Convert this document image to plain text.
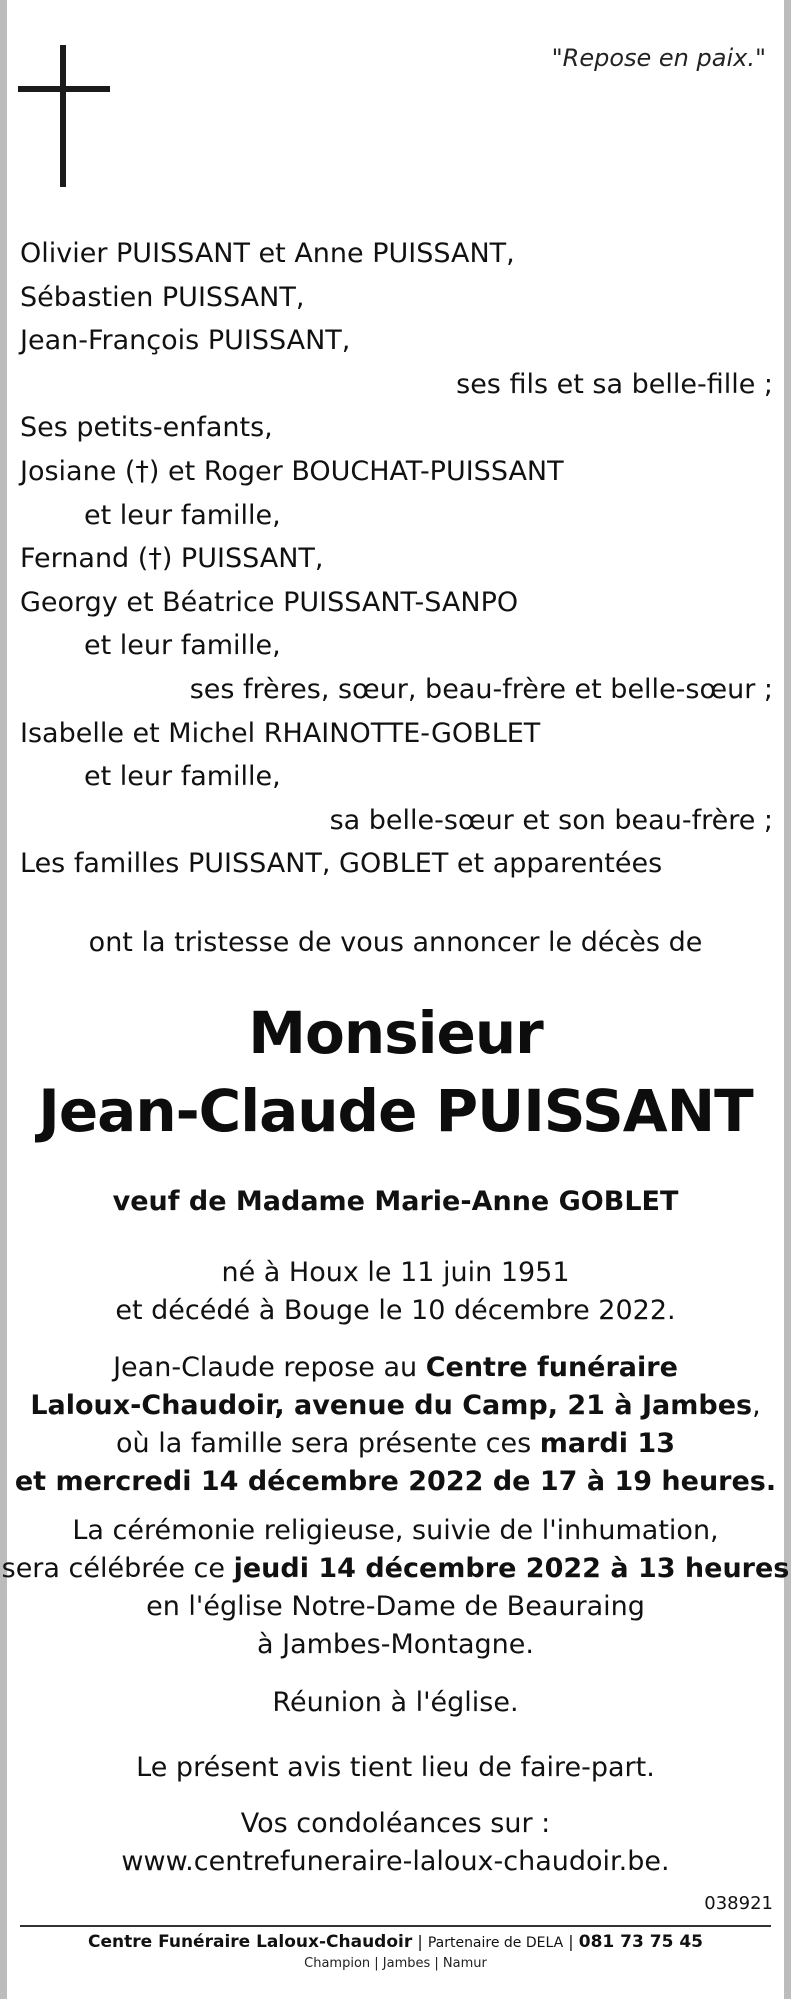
"Repose en paix."
Olivier PUISSANT et Anne PUISSANT,
Sébastien PUISSANT,
Jean-François PUISSANT,
ses fils et sa belle-fille ;
Ses petits-enfants,
Josiane (†) et Roger BOUCHAT-PUISSANT
et leur famille,
Fernand (†) PUISSANT,
Georgy et Béatrice PUISSANT-SANPO
et leur famille,
ses frères, sœur, beau-frère et belle-sœur ;
Isabelle et Michel RHAINOTTE-GOBLET
et leur famille,
sa belle-sœur et son beau-frère ;
Les familles PUISSANT, GOBLET et apparentées
ont la tristesse de vous annoncer le décès de
Monsieur
Jean-Claude PUISSANT
veuf de Madame Marie-Anne GOBLET
né à Houx le 11 juin 1951
et décédé à Bouge le 10 décembre 2022.
Jean-Claude repose au Centre funéraire
Laloux-Chaudoir, avenue du Camp, 21 à Jambes,
où la famille sera présente ces mardi 13
et mercredi 14 décembre 2022 de 17 à 19 heures.
La cérémonie religieuse, suivie de l'inhumation,
sera célébrée ce jeudi 14 décembre 2022 à 13 heures
en l'église Notre-Dame de Beauraing
à Jambes-Montagne.
Réunion à l'église.
Le présent avis tient lieu de faire-part.
Vos condoléances sur :
www.centrefuneraire-laloux-chaudoir.be.
038921
Centre Funéraire Laloux-Chaudoir | Partenaire de DELA | 081 73 75 45
Champion | Jambes | Namur
